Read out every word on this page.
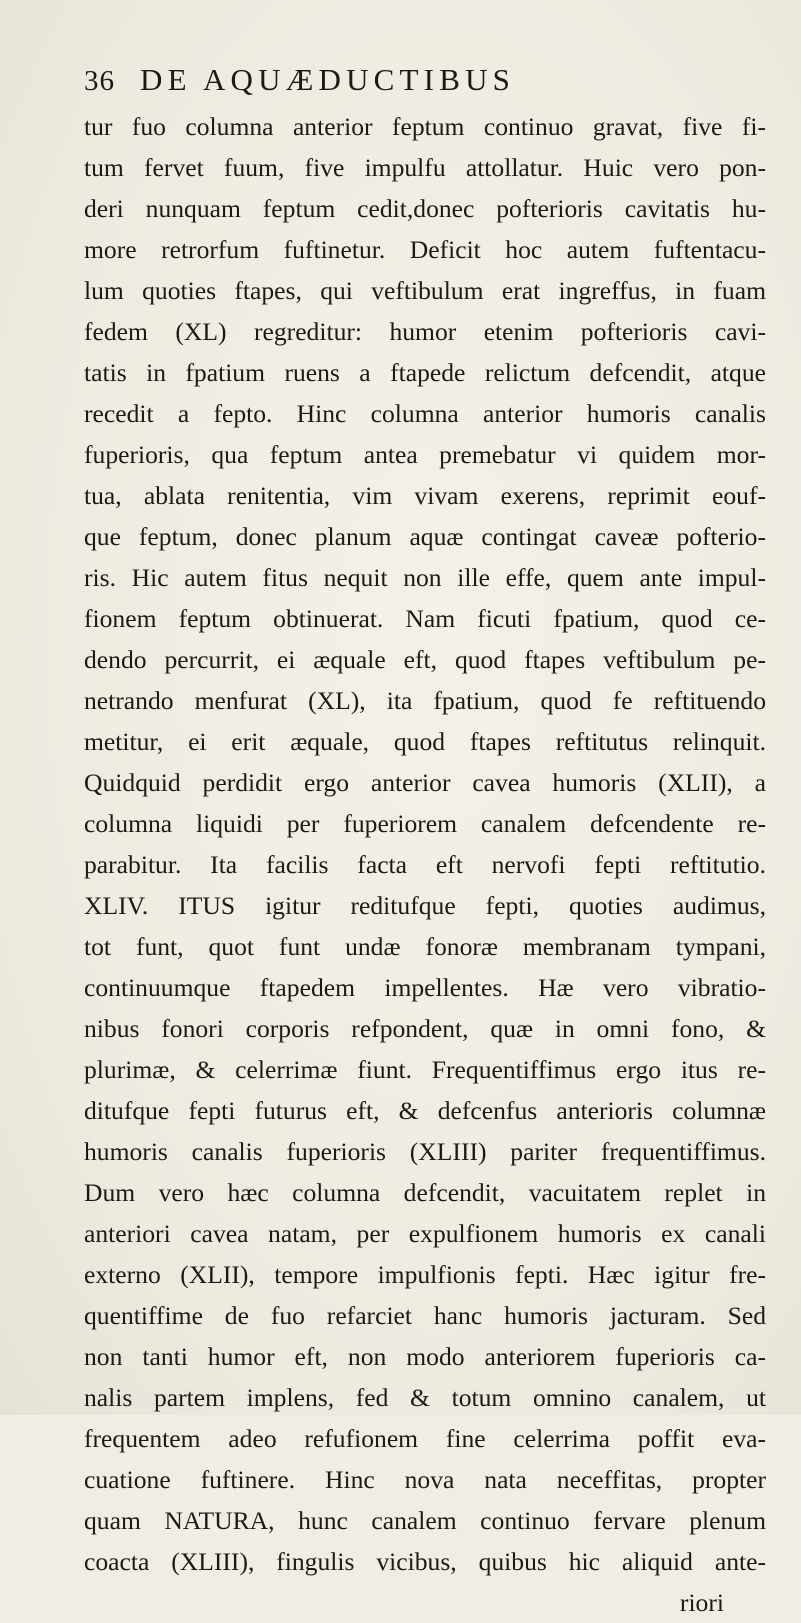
36 DE AQUÆDUCTIBUS
tur fuo columna anterior feptum continuo gravat, five fi-
tum fervet fuum, five impulfu attollatur. Huic vero pon-
deri nunquam feptum cedit,donec pofterioris cavitatis hu-
more retrorfum fuftinetur. Deficit hoc autem fuftentacu-
lum quoties ftapes, qui veftibulum erat ingreffus, in fuam
fedem (XL) regreditur: humor etenim pofterioris cavi-
tatis in fpatium ruens a ftapede relictum defcendit, atque
recedit a fepto. Hinc columna anterior humoris canalis
fuperioris, qua feptum antea premebatur vi quidem mor-
tua, ablata renitentia, vim vivam exerens, reprimit eouf-
que feptum, donec planum aquæ contingat caveæ pofterio-
ris. Hic autem fitus nequit non ille effe, quem ante impul-
fionem feptum obtinuerat. Nam ficuti fpatium, quod ce-
dendo percurrit, ei æquale eft, quod ftapes veftibulum pe-
netrando menfurat (XL), ita fpatium, quod fe reftituendo
metitur, ei erit æquale, quod ftapes reftitutus relinquit.
Quidquid perdidit ergo anterior cavea humoris (XLII), a
columna liquidi per fuperiorem canalem defcendente re-
parabitur. Ita facilis facta eft nervofi fepti reftitutio.
XLIV. ITUS igitur reditufque fepti, quoties audimus,
tot funt, quot funt undæ fonoræ membranam tympani,
continuumque ftapedem impellentes. Hæ vero vibratio-
nibus fonori corporis refpondent, quæ in omni fono, &
plurimæ, & celerrimæ fiunt. Frequentiffimus ergo itus re-
ditufque fepti futurus eft, & defcenfus anterioris columnæ
humoris canalis fuperioris (XLIII) pariter frequentiffimus.
Dum vero hæc columna defcendit, vacuitatem replet in
anteriori cavea natam, per expulfionem humoris ex canali
externo (XLII), tempore impulfionis fepti. Hæc igitur fre-
quentiffime de fuo refarciet hanc humoris jacturam. Sed
non tanti humor eft, non modo anteriorem fuperioris ca-
nalis partem implens, fed & totum omnino canalem, ut
frequentem adeo refufionem fine celerrima poffit eva-
cuatione fuftinere. Hinc nova nata neceffitas, propter
quam NATURA, hunc canalem continuo fervare plenum
coacta (XLIII), fingulis vicibus, quibus hic aliquid ante-
riori
